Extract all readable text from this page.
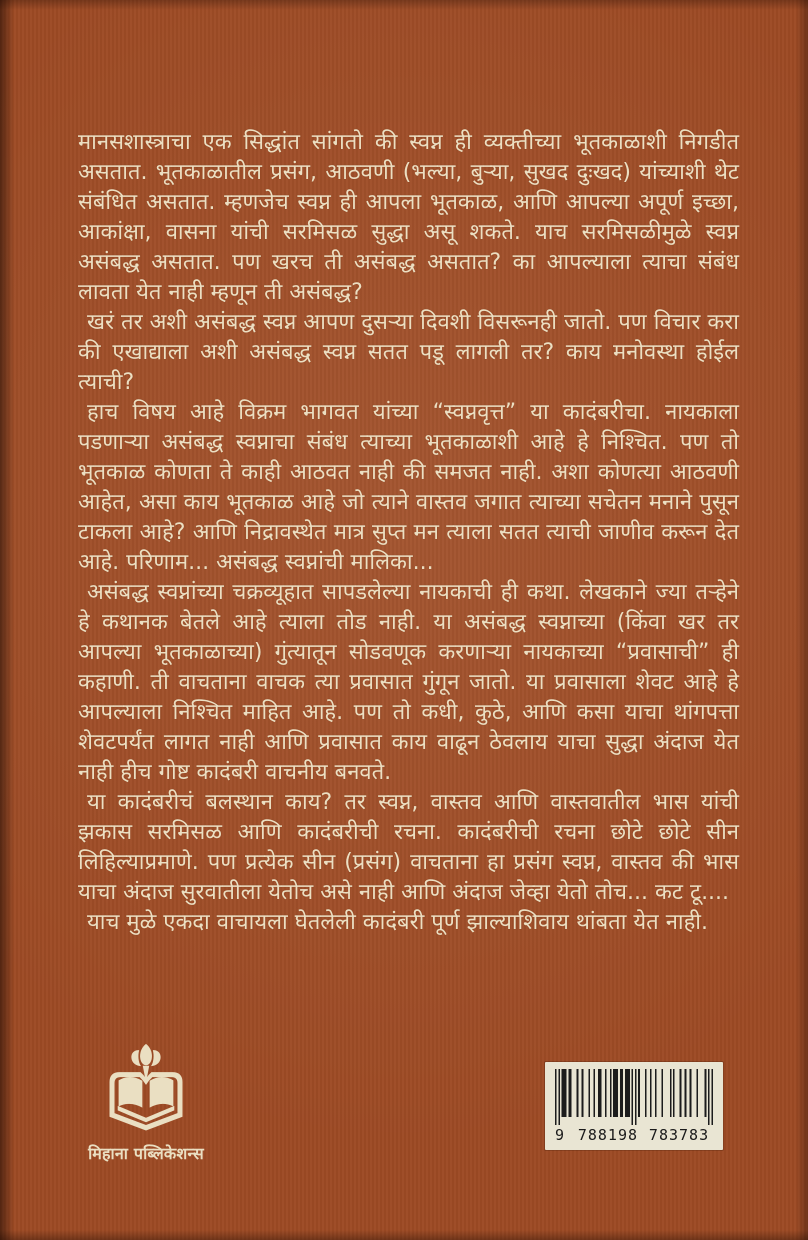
मानसशास्त्राचा एक सिद्धांत सांगतो की स्वप्न ही व्यक्तीच्या भूतकाळाशी निगडीत असतात. भूतकाळातील प्रसंग, आठवणी (भल्या, बुऱ्या, सुखद दुःखद) यांच्याशी थेट संबंधित असतात. म्हणजेच स्वप्न ही आपला भूतकाळ, आणि आपल्या अपूर्ण इच्छा, आकांक्षा, वासना यांची सरमिसळ सुद्धा असू शकते. याच सरमिसळीमुळे स्वप्न असंबद्ध असतात. पण खरच ती असंबद्ध असतात? का आपल्याला त्याचा संबंध लावता येत नाही म्हणून ती असंबद्ध?

खरं तर अशी असंबद्ध स्वप्न आपण दुसऱ्या दिवशी विसरूनही जातो. पण विचार करा की एखाद्याला अशी असंबद्ध स्वप्न सतत पडू लागली तर? काय मनोवस्था होईल त्याची?

हाच विषय आहे विक्रम भागवत यांच्या “स्वप्नवृत्त” या कादंबरीचा. नायकाला पडणाऱ्या असंबद्ध स्वप्नाचा संबंध त्याच्या भूतकाळाशी आहे हे निश्चित. पण तो भूतकाळ कोणता ते काही आठवत नाही की समजत नाही. अशा कोणत्या आठवणी आहेत, असा काय भूतकाळ आहे जो त्याने वास्तव जगात त्याच्या सचेतन मनाने पुसून टाकला आहे? आणि निद्रावस्थेत मात्र सुप्त मन त्याला सतत त्याची जाणीव करून देत आहे. परिणाम... असंबद्ध स्वप्नांची मालिका...

असंबद्ध स्वप्नांच्या चक्रव्यूहात सापडलेल्या नायकाची ही कथा. लेखकाने ज्या तऱ्हेने हे कथानक बेतले आहे त्याला तोड नाही. या असंबद्ध स्वप्नाच्या (किंवा खर तर आपल्या भूतकाळाच्या) गुंत्यातून सोडवणूक करणाऱ्या नायकाच्या “प्रवासाची” ही कहाणी. ती वाचताना वाचक त्या प्रवासात गुंगून जातो. या प्रवासाला शेवट आहे हे आपल्याला निश्चित माहित आहे. पण तो कधी, कुठे, आणि कसा याचा थांगपत्ता शेवटपर्यंत लागत नाही आणि प्रवासात काय वाढून ठेवलाय याचा सुद्धा अंदाज येत नाही हीच गोष्ट कादंबरी वाचनीय बनवते.

या कादंबरीचं बलस्थान काय? तर स्वप्न, वास्तव आणि वास्तवातील भास यांची झकास सरमिसळ आणि कादंबरीची रचना. कादंबरीची रचना छोटे छोटे सीन लिहिल्याप्रमाणे. पण प्रत्येक सीन (प्रसंग) वाचताना हा प्रसंग स्वप्न, वास्तव की भास याचा अंदाज सुरवातीला येतोच असे नाही आणि अंदाज जेव्हा येतो तोच... कट टू....

याच मुळे एकदा वाचायला घेतलेली कादंबरी पूर्ण झाल्याशिवाय थांबता येत नाही.

मिहाना पब्लिकेशन्स
9 788198 783783
